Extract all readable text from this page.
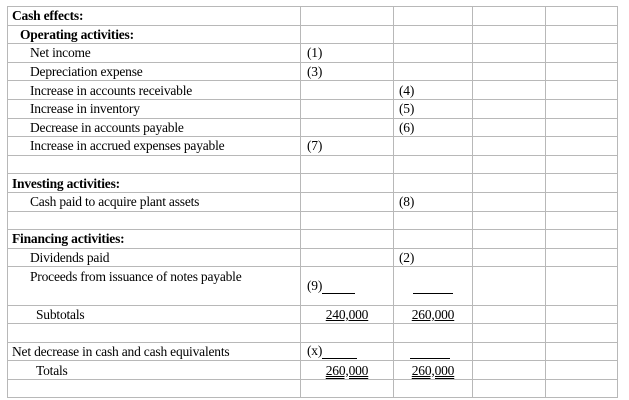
Cash effects:				
Operating activities:				
Net income	(1)			
Depreciation expense	(3)			
Increase in accounts receivable		(4)		
Increase in inventory		(5)		
Decrease in accounts payable		(6)		
Increase in accrued expenses payable	(7)			

Investing activities:				
Cash paid to acquire plant assets		(8)		

Financing activities:				
Dividends paid		(2)		
Proceeds from issuance of notes payable	(9)			
Subtotals	240,000	260,000		

Net decrease in cash and cash equivalents	(x)			
Totals	260,000	260,000		
